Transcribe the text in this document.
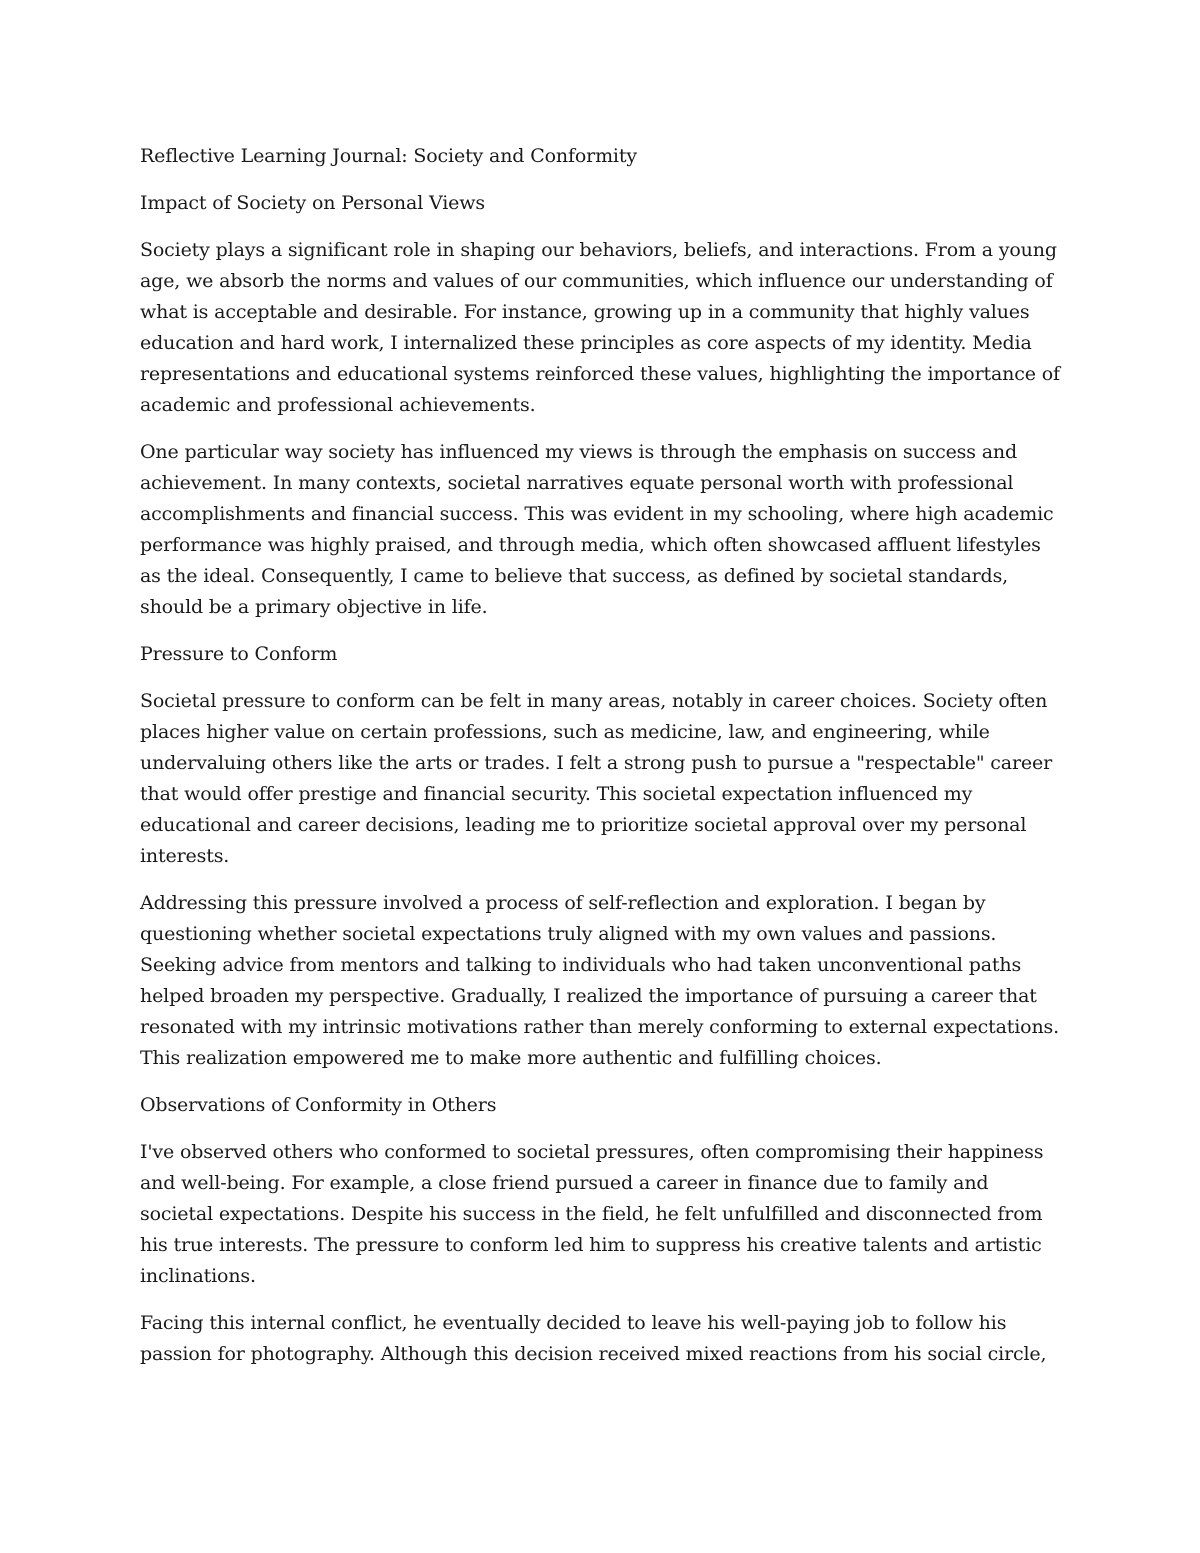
Reflective Learning Journal: Society and Conformity

Impact of Society on Personal Views

Society plays a significant role in shaping our behaviors, beliefs, and interactions. From a young age, we absorb the norms and values of our communities, which influence our understanding of what is acceptable and desirable. For instance, growing up in a community that highly values education and hard work, I internalized these principles as core aspects of my identity. Media representations and educational systems reinforced these values, highlighting the importance of academic and professional achievements.

One particular way society has influenced my views is through the emphasis on success and achievement. In many contexts, societal narratives equate personal worth with professional accomplishments and financial success. This was evident in my schooling, where high academic performance was highly praised, and through media, which often showcased affluent lifestyles as the ideal. Consequently, I came to believe that success, as defined by societal standards, should be a primary objective in life.

Pressure to Conform

Societal pressure to conform can be felt in many areas, notably in career choices. Society often places higher value on certain professions, such as medicine, law, and engineering, while undervaluing others like the arts or trades. I felt a strong push to pursue a "respectable" career that would offer prestige and financial security. This societal expectation influenced my educational and career decisions, leading me to prioritize societal approval over my personal interests.

Addressing this pressure involved a process of self-reflection and exploration. I began by questioning whether societal expectations truly aligned with my own values and passions. Seeking advice from mentors and talking to individuals who had taken unconventional paths helped broaden my perspective. Gradually, I realized the importance of pursuing a career that resonated with my intrinsic motivations rather than merely conforming to external expectations. This realization empowered me to make more authentic and fulfilling choices.

Observations of Conformity in Others

I've observed others who conformed to societal pressures, often compromising their happiness and well-being. For example, a close friend pursued a career in finance due to family and societal expectations. Despite his success in the field, he felt unfulfilled and disconnected from his true interests. The pressure to conform led him to suppress his creative talents and artistic inclinations.

Facing this internal conflict, he eventually decided to leave his well-paying job to follow his passion for photography. Although this decision received mixed reactions from his social circle,
